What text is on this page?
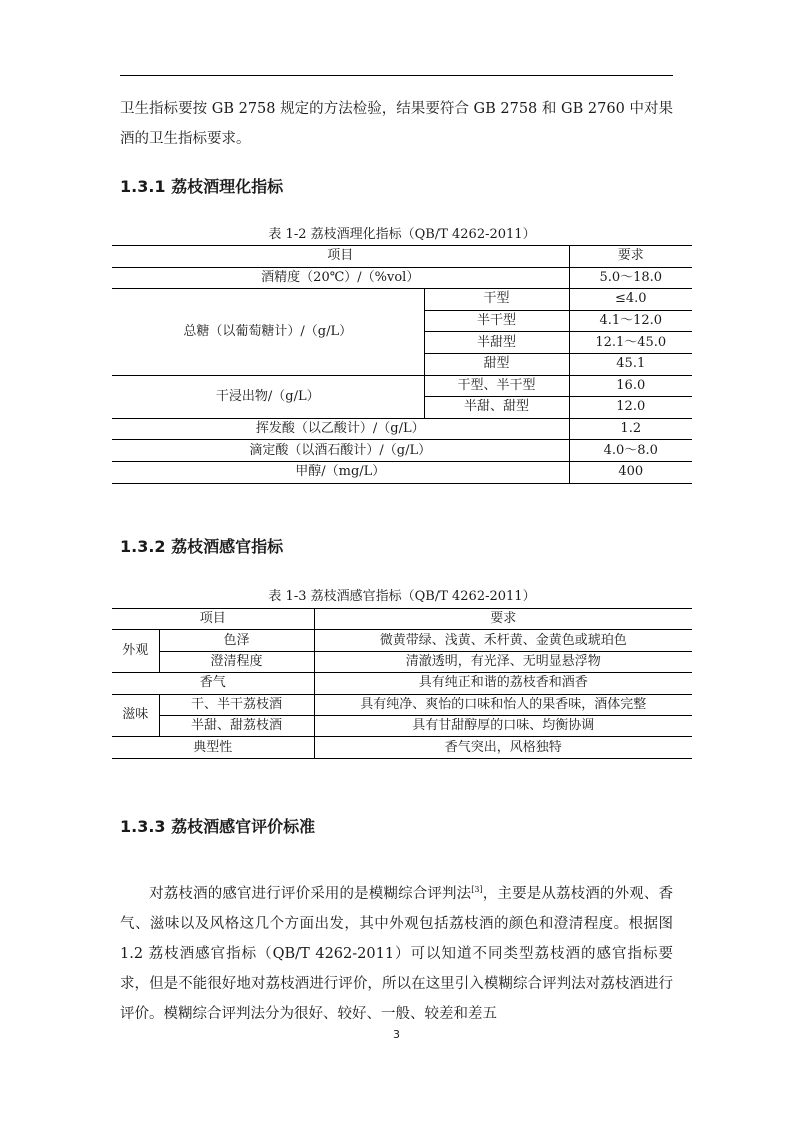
卫生指标要按 GB 2758 规定的方法检验，结果要符合 GB 2758 和 GB 2760 中对果酒的卫生指标要求。
1.3.1 荔枝酒理化指标
表 1-2 荔枝酒理化指标（QB/T 4262-2011）
项目		要求
酒精度（20℃）/（%vol）		5.0～18.0
总糖（以葡萄糖计）/（g/L）	干型	≤4.0
	半干型	4.1～12.0
	半甜型	12.1～45.0
	甜型	45.1
干浸出物/（g/L）	干型、半干型	16.0
	半甜、甜型	12.0
挥发酸（以乙酸计）/（g/L）		1.2
滴定酸（以酒石酸计）/（g/L）		4.0～8.0
甲醇/（mg/L）		400
1.3.2 荔枝酒感官指标
表 1-3 荔枝酒感官指标（QB/T 4262-2011）
项目		要求
外观	色泽	微黄带绿、浅黄、禾杆黄、金黄色或琥珀色
	澄清程度	清澈透明，有光泽、无明显悬浮物
香气		具有纯正和谐的荔枝香和酒香
滋味	干、半干荔枝酒	具有纯净、爽怡的口味和怡人的果香味，酒体完整
	半甜、甜荔枝酒	具有甘甜醇厚的口味、均衡协调
典型性		香气突出，风格独特
1.3.3 荔枝酒感官评价标准
对荔枝酒的感官进行评价采用的是模糊综合评判法[3]，主要是从荔枝酒的外观、香气、滋味以及风格这几个方面出发，其中外观包括荔枝酒的颜色和澄清程度。根据图 1.2 荔枝酒感官指标（QB/T 4262-2011）可以知道不同类型荔枝酒的感官指标要求，但是不能很好地对荔枝酒进行评价，所以在这里引入模糊综合评判法对荔枝酒进行评价。模糊综合评判法分为很好、较好、一般、较差和差五
3
